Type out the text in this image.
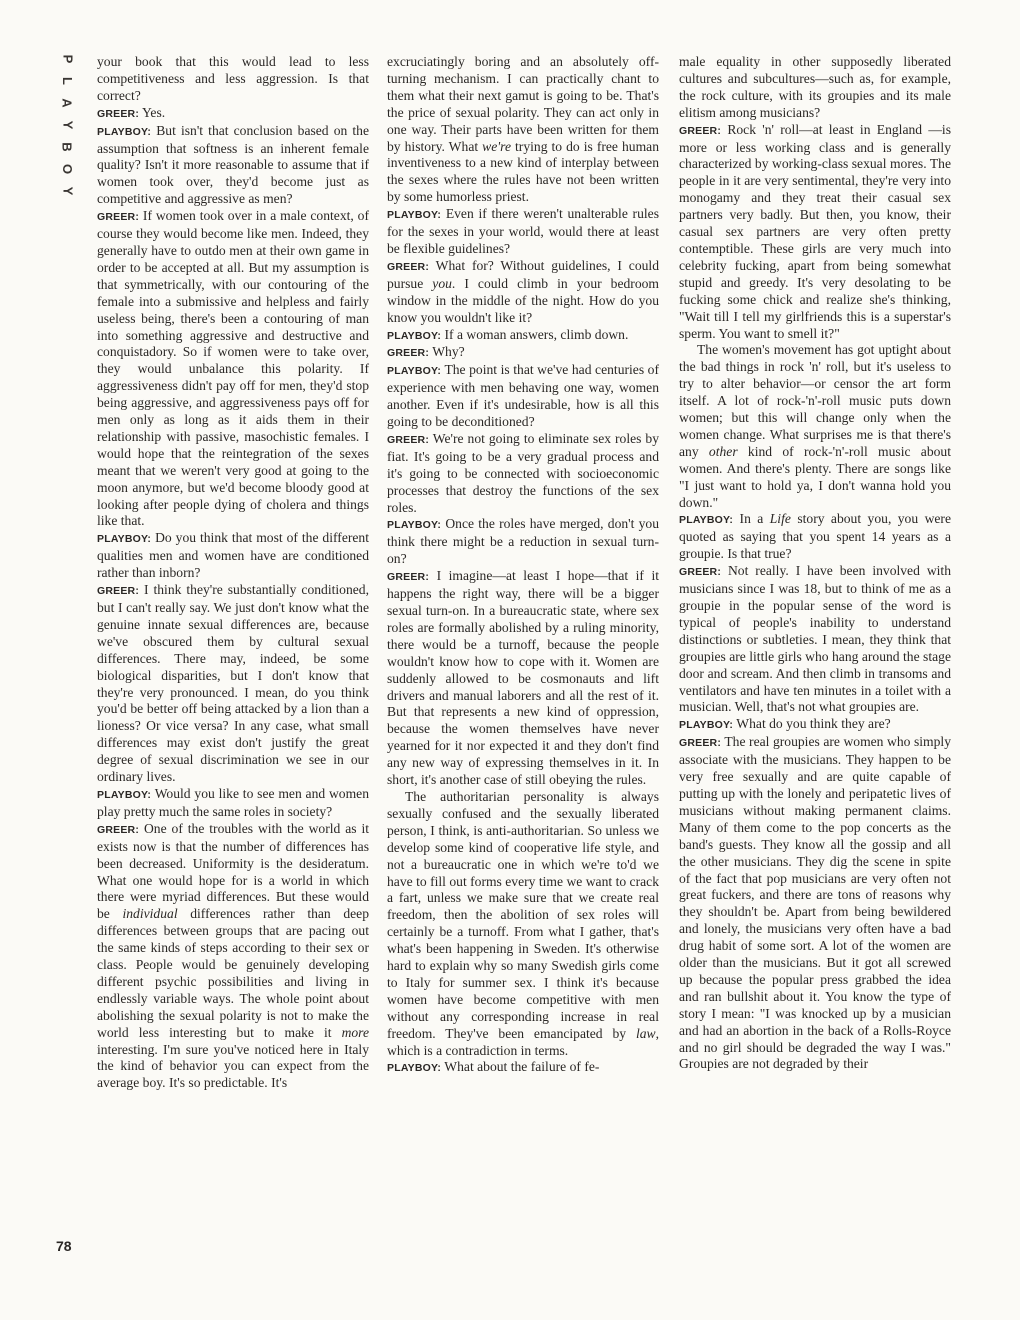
P
L
A
Y
B
O
Y

your book that this would lead to less competitiveness and less aggression. Is that correct?

GREER: Yes.

PLAYBOY: But isn't that conclusion based on the assumption that softness is an inherent female quality? Isn't it more reasonable to assume that if women took over, they'd become just as competitive and aggressive as men?

GREER: If women took over in a male context, of course they would become like men. Indeed, they generally have to outdo men at their own game in order to be accepted at all. But my assumption is that symmetrically, with our contouring of the female into a submissive and helpless and fairly useless being, there's been a contouring of man into something aggressive and destructive and conquistadory. So if women were to take over, they would unbalance this polarity. If aggressiveness didn't pay off for men, they'd stop being aggressive, and aggressiveness pays off for men only as long as it aids them in their relationship with passive, masochistic females. I would hope that the reintegration of the sexes meant that we weren't very good at going to the moon anymore, but we'd become bloody good at looking after people dying of cholera and things like that.

PLAYBOY: Do you think that most of the different qualities men and women have are conditioned rather than inborn?

GREER: I think they're substantially conditioned, but I can't really say. We just don't know what the genuine innate sexual differences are, because we've obscured them by cultural sexual differences. There may, indeed, be some biological disparities, but I don't know that they're very pronounced. I mean, do you think you'd be better off being attacked by a lion than a lioness? Or vice versa? In any case, what small differences may exist don't justify the great degree of sexual discrimination we see in our ordinary lives.

PLAYBOY: Would you like to see men and women play pretty much the same roles in society?

GREER: One of the troubles with the world as it exists now is that the number of differences has been decreased. Uniformity is the desideratum. What one would hope for is a world in which there were myriad differences. But these would be individual differences rather than deep differences between groups that are pacing out the same kinds of steps according to their sex or class. People would be genuinely developing different psychic possibilities and living in endlessly variable ways. The whole point about abolishing the sexual polarity is not to make the world less interesting but to make it more interesting. I'm sure you've noticed here in Italy the kind of behavior you can expect from the average boy. It's so predictable. It's

excruciatingly boring and an absolutely off-turning mechanism. I can practically chant to them what their next gamut is going to be. That's the price of sexual polarity. They can act only in one way. Their parts have been written for them by history. What we're trying to do is free human inventiveness to a new kind of interplay between the sexes where the rules have not been written by some humorless priest.

PLAYBOY: Even if there weren't unalterable rules for the sexes in your world, would there at least be flexible guidelines?

GREER: What for? Without guidelines, I could pursue you. I could climb in your bedroom window in the middle of the night. How do you know you wouldn't like it?

PLAYBOY: If a woman answers, climb down.

GREER: Why?

PLAYBOY: The point is that we've had centuries of experience with men behaving one way, women another. Even if it's undesirable, how is all this going to be deconditioned?

GREER: We're not going to eliminate sex roles by fiat. It's going to be a very gradual process and it's going to be connected with socioeconomic processes that destroy the functions of the sex roles.

PLAYBOY: Once the roles have merged, don't you think there might be a reduction in sexual turn-on?

GREER: I imagine—at least I hope—that if it happens the right way, there will be a bigger sexual turn-on. In a bureaucratic state, where sex roles are formally abolished by a ruling minority, there would be a turnoff, because the people wouldn't know how to cope with it. Women are suddenly allowed to be cosmonauts and lift drivers and manual laborers and all the rest of it. But that represents a new kind of oppression, because the women themselves have never yearned for it nor expected it and they don't find any new way of expressing themselves in it. In short, it's another case of still obeying the rules.

The authoritarian personality is always sexually confused and the sexually liberated person, I think, is anti-authoritarian. So unless we develop some kind of cooperative life style, and not a bureaucratic one in which we're to'd we have to fill out forms every time we want to crack a fart, unless we make sure that we create real freedom, then the abolition of sex roles will certainly be a turnoff. From what I gather, that's what's been happening in Sweden. It's otherwise hard to explain why so many Swedish girls come to Italy for summer sex. I think it's because women have become competitive with men without any corresponding increase in real freedom. They've been emancipated by law, which is a contradiction in terms.

PLAYBOY: What about the failure of fe-

male equality in other supposedly liberated cultures and subcultures—such as, for example, the rock culture, with its groupies and its male elitism among musicians?

GREER: Rock 'n' roll—at least in England —is more or less working class and is generally characterized by working-class sexual mores. The people in it are very sentimental, they're very into monogamy and they treat their casual sex partners very badly. But then, you know, their casual sex partners are very often pretty contemptible. These girls are very much into celebrity fucking, apart from being somewhat stupid and greedy. It's very desolating to be fucking some chick and realize she's thinking, "Wait till I tell my girlfriends this is a superstar's sperm. You want to smell it?"

The women's movement has got uptight about the bad things in rock 'n' roll, but it's useless to try to alter behavior—or censor the art form itself. A lot of rock-'n'-roll music puts down women; but this will change only when the women change. What surprises me is that there's any other kind of rock-'n'-roll music about women. And there's plenty. There are songs like "I just want to hold ya, I don't wanna hold you down."

PLAYBOY: In a Life story about you, you were quoted as saying that you spent 14 years as a groupie. Is that true?

GREER: Not really. I have been involved with musicians since I was 18, but to think of me as a groupie in the popular sense of the word is typical of people's inability to understand distinctions or subtleties. I mean, they think that groupies are little girls who hang around the stage door and scream. And then climb in transoms and ventilators and have ten minutes in a toilet with a musician. Well, that's not what groupies are.

PLAYBOY: What do you think they are?

GREER: The real groupies are women who simply associate with the musicians. They happen to be very free sexually and are quite capable of putting up with the lonely and peripatetic lives of musicians without making permanent claims. Many of them come to the pop concerts as the band's guests. They know all the gossip and all the other musicians. They dig the scene in spite of the fact that pop musicians are very often not great fuckers, and there are tons of reasons why they shouldn't be. Apart from being bewildered and lonely, the musicians very often have a bad drug habit of some sort. A lot of the women are older than the musicians. But it got all screwed up because the popular press grabbed the idea and ran bullshit about it. You know the type of story I mean: "I was knocked up by a musician and had an abortion in the back of a Rolls-Royce and no girl should be degraded the way I was." Groupies are not degraded by their

78
